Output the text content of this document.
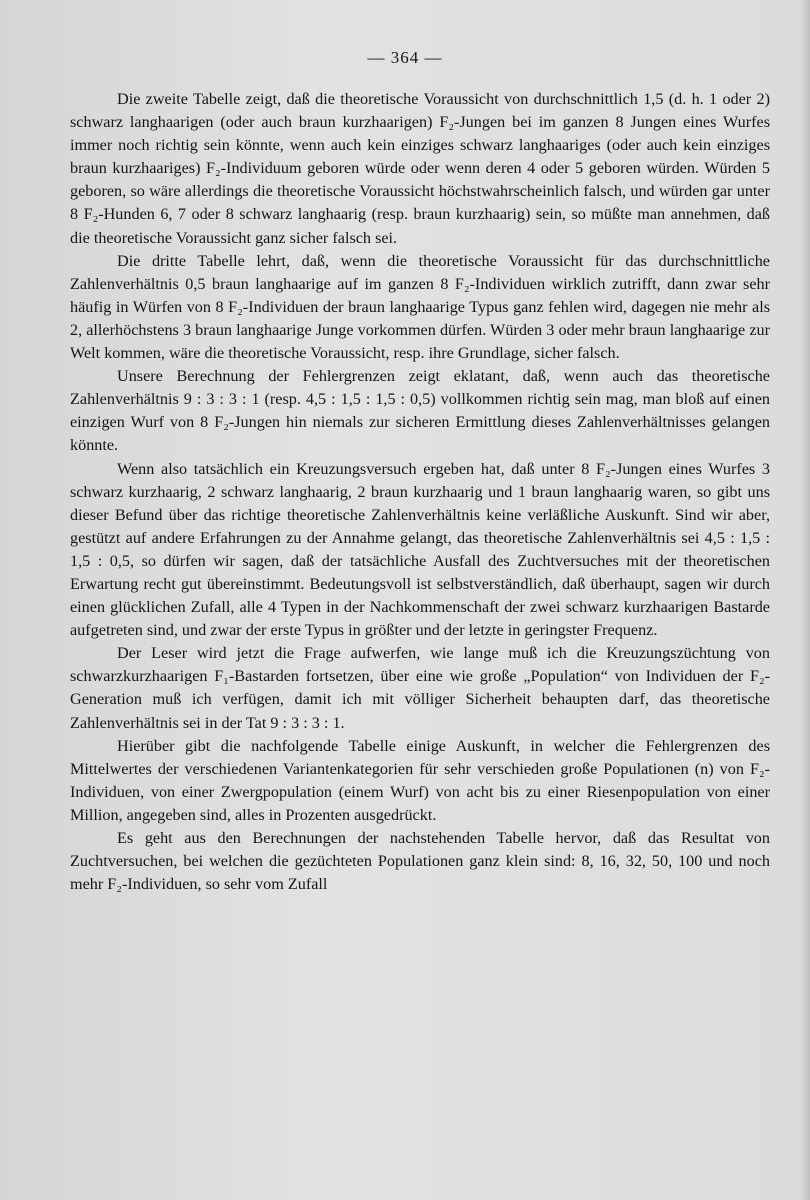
— 364 —

Die zweite Tabelle zeigt, daß die theoretische Voraussicht von durchschnittlich 1,5 (d. h. 1 oder 2) schwarz langhaarigen (oder auch braun kurzhaarigen) F₂-Jungen bei im ganzen 8 Jungen eines Wurfes immer noch richtig sein könnte, wenn auch kein einziges schwarz langhaariges (oder auch kein einziges braun kurzhaariges) F₂-Individuum geboren würde oder wenn deren 4 oder 5 geboren würden. Würden 5 geboren, so wäre allerdings die theoretische Voraussicht höchstwahrscheinlich falsch, und würden gar unter 8 F₂-Hunden 6, 7 oder 8 schwarz langhaarig (resp. braun kurzhaarig) sein, so müßte man annehmen, daß die theoretische Voraussicht ganz sicher falsch sei.

Die dritte Tabelle lehrt, daß, wenn die theoretische Voraussicht für das durchschnittliche Zahlenverhältnis 0,5 braun langhaarige auf im ganzen 8 F₂-Individuen wirklich zutrifft, dann zwar sehr häufig in Würfen von 8 F₂-Individuen der braun langhaarige Typus ganz fehlen wird, dagegen nie mehr als 2, allerhöchstens 3 braun langhaarige Junge vorkommen dürfen. Würden 3 oder mehr braun langhaarige zur Welt kommen, wäre die theoretische Voraussicht, resp. ihre Grundlage, sicher falsch.

Unsere Berechnung der Fehlergrenzen zeigt eklatant, daß, wenn auch das theoretische Zahlenverhältnis 9 : 3 : 3 : 1 (resp. 4,5 : 1,5 : 1,5 : 0,5) vollkommen richtig sein mag, man bloß auf einen einzigen Wurf von 8 F₂-Jungen hin niemals zur sicheren Ermittlung dieses Zahlenverhältnisses gelangen könnte.

Wenn also tatsächlich ein Kreuzungsversuch ergeben hat, daß unter 8 F₂-Jungen eines Wurfes 3 schwarz kurzhaarig, 2 schwarz langhaarig, 2 braun kurzhaarig und 1 braun langhaarig waren, so gibt uns dieser Befund über das richtige theoretische Zahlenverhältnis keine verläßliche Auskunft. Sind wir aber, gestützt auf andere Erfahrungen zu der Annahme gelangt, das theoretische Zahlenverhältnis sei 4,5 : 1,5 : 1,5 : 0,5, so dürfen wir sagen, daß der tatsächliche Ausfall des Zuchtversuches mit der theoretischen Erwartung recht gut übereinstimmt. Bedeutungsvoll ist selbstverständlich, daß überhaupt, sagen wir durch einen glücklichen Zufall, alle 4 Typen in der Nachkommenschaft der zwei schwarz kurzhaarigen Bastarde aufgetreten sind, und zwar der erste Typus in größter und der letzte in geringster Frequenz.

Der Leser wird jetzt die Frage aufwerfen, wie lange muß ich die Kreuzungszüchtung von schwarzkurzhaarigen F₁-Bastarden fortsetzen, über eine wie große „Population“ von Individuen der F₂-Generation muß ich verfügen, damit ich mit völliger Sicherheit behaupten darf, das theoretische Zahlenverhältnis sei in der Tat 9 : 3 : 3 : 1.

Hierüber gibt die nachfolgende Tabelle einige Auskunft, in welcher die Fehlergrenzen des Mittelwertes der verschiedenen Variantenkategorien für sehr verschieden große Populationen (n) von F₂-Individuen, von einer Zwergpopulation (einem Wurf) von acht bis zu einer Riesenpopulation von einer Million, angegeben sind, alles in Prozenten ausgedrückt.

Es geht aus den Berechnungen der nachstehenden Tabelle hervor, daß das Resultat von Zuchtversuchen, bei welchen die gezüchteten Populationen ganz klein sind: 8, 16, 32, 50, 100 und noch mehr F₂-Individuen, so sehr vom Zufall
